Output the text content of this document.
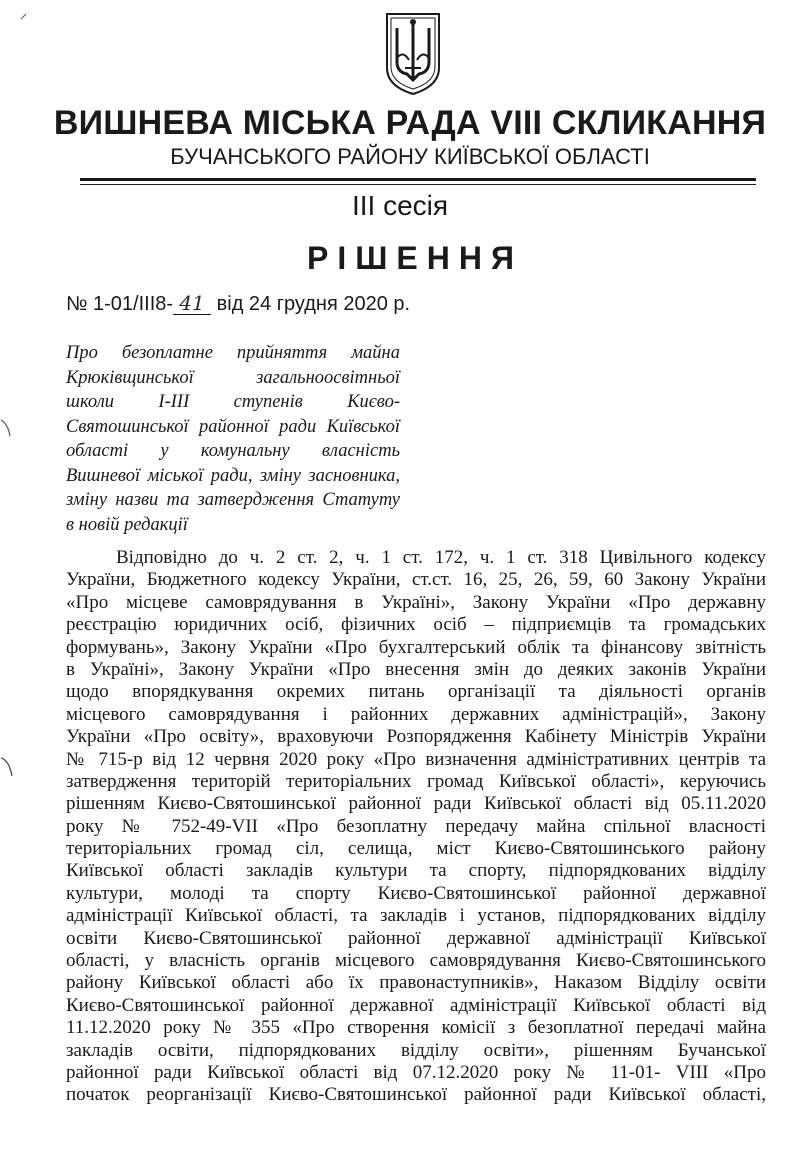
ВИШНЕВА МІСЬКА РАДА VIII СКЛИКАННЯ
БУЧАНСЬКОГО РАЙОНУ КИЇВСЬКОЇ ОБЛАСТІ
III сесія
РІШЕННЯ
№ 1-01/ІІІ8- 41 від 24 грудня 2020 р.
Про безоплатне прийняття майна
Крюківщинської загальноосвітньої
школи І-ІІІ ступенів Києво-
Святошинської районної ради Київської
області у комунальну власність
Вишневої міської ради, зміну засновника,
зміну назви та затвердження Статуту
в новій редакції
Відповідно до ч. 2 ст. 2, ч. 1 ст. 172, ч. 1 ст. 318 Цивільного кодексу
України, Бюджетного кодексу України, ст.ст. 16, 25, 26, 59, 60 Закону України
«Про місцеве самоврядування в Україні», Закону України «Про державну
реєстрацію юридичних осіб, фізичних осіб – підприємців та громадських
формувань», Закону України «Про бухгалтерський облік та фінансову звітність
в Україні», Закону України «Про внесення змін до деяких законів України
щодо впорядкування окремих питань організації та діяльності органів
місцевого самоврядування і районних державних адміністрацій», Закону
України «Про освіту», враховуючи Розпорядження Кабінету Міністрів України
№ 715-р від 12 червня 2020 року «Про визначення адміністративних центрів та
затвердження територій територіальних громад Київської області», керуючись
рішенням Києво-Святошинської районної ради Київської області від 05.11.2020
року № 752-49-VII «Про безоплатну передачу майна спільної власності
територіальних громад сіл, селища, міст Києво-Святошинського району
Київської області закладів культури та спорту, підпорядкованих відділу
культури, молоді та спорту Києво-Святошинської районної державної
адміністрації Київської області, та закладів і установ, підпорядкованих відділу
освіти Києво-Святошинської районної державної адміністрації Київської
області, у власність органів місцевого самоврядування Києво-Святошинського
району Київської області або їх правонаступників», Наказом Відділу освіти
Києво-Святошинської районної державної адміністрації Київської області від
11.12.2020 року № 355 «Про створення комісії з безоплатної передачі майна
закладів освіти, підпорядкованих відділу освіти», рішенням Бучанської
районної ради Київської області від 07.12.2020 року № 11-01- VIII «Про
початок реорганізації Києво-Святошинської районної ради Київської області,
